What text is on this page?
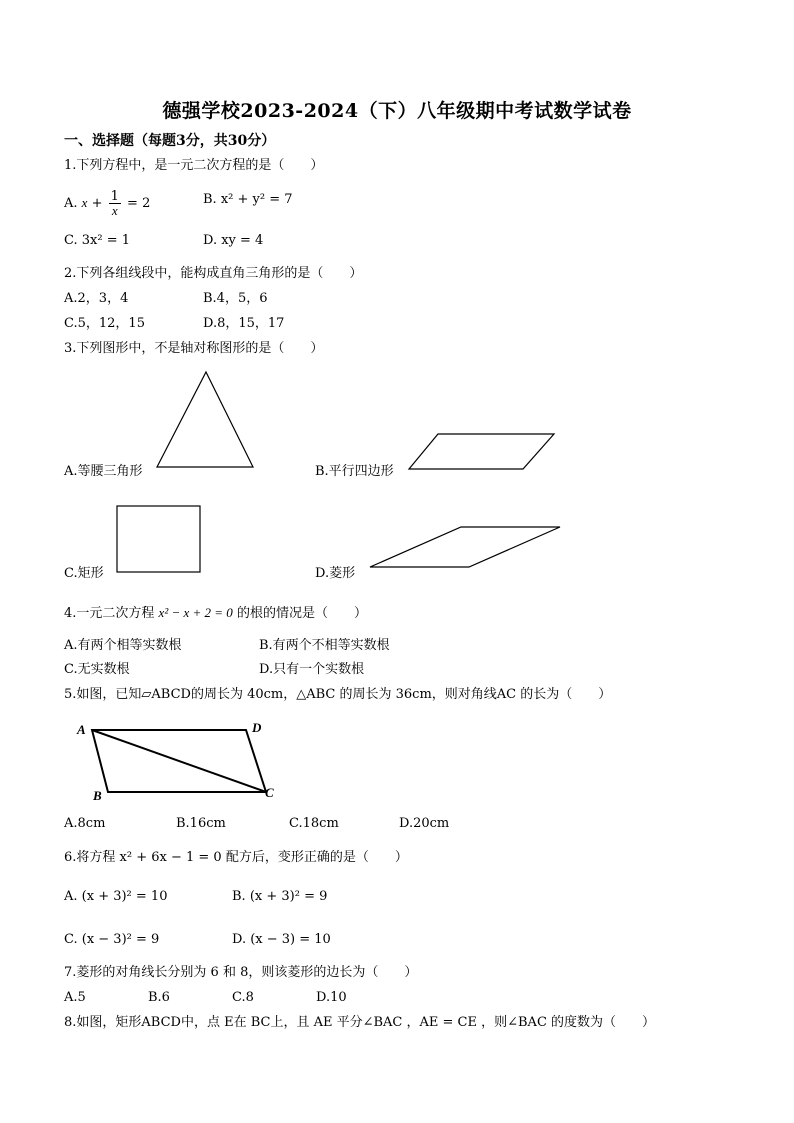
德强学校2023-2024（下）八年级期中考试数学试卷
一、选择题（每题3分，共30分）
1.下列方程中，是一元二次方程的是（　　）
A. $x + \frac{1}{x} = 2$	B. x² + y² = 7
C. 3x² = 1	D. xy = 4
2.下列各组线段中，能构成直角三角形的是（　　）
A.2，3，4	B.4，5，6
C.5，12，15	D.8，15，17
3.下列图形中，不是轴对称图形的是（　　）
A.等腰三角形	B.平行四边形
C.矩形	D.菱形
4.一元二次方程 x² − x + 2 = 0 的根的情况是（　　）
A.有两个相等实数根	B.有两个不相等实数根
C.无实数根	D.只有一个实数根
5.如图，已知▱ABCD的周长为 40cm，△ABC 的周长为 36cm，则对角线AC 的长为（　　）
A	D
B	C
A.8cm	B.16cm	C.18cm	D.20cm
6.将方程 x² + 6x − 1 = 0 配方后，变形正确的是（　　）
A. (x + 3)² = 10	B. (x + 3)² = 9
C. (x − 3)² = 9	D. (x − 3) = 10
7.菱形的对角线长分别为 6 和 8，则该菱形的边长为（　　）
A.5	B.6	C.8	D.10
8.如图，矩形ABCD中，点 E在 BC上，且 AE 平分∠BAC ，AE = CE ，则∠BAC 的度数为（　　）
